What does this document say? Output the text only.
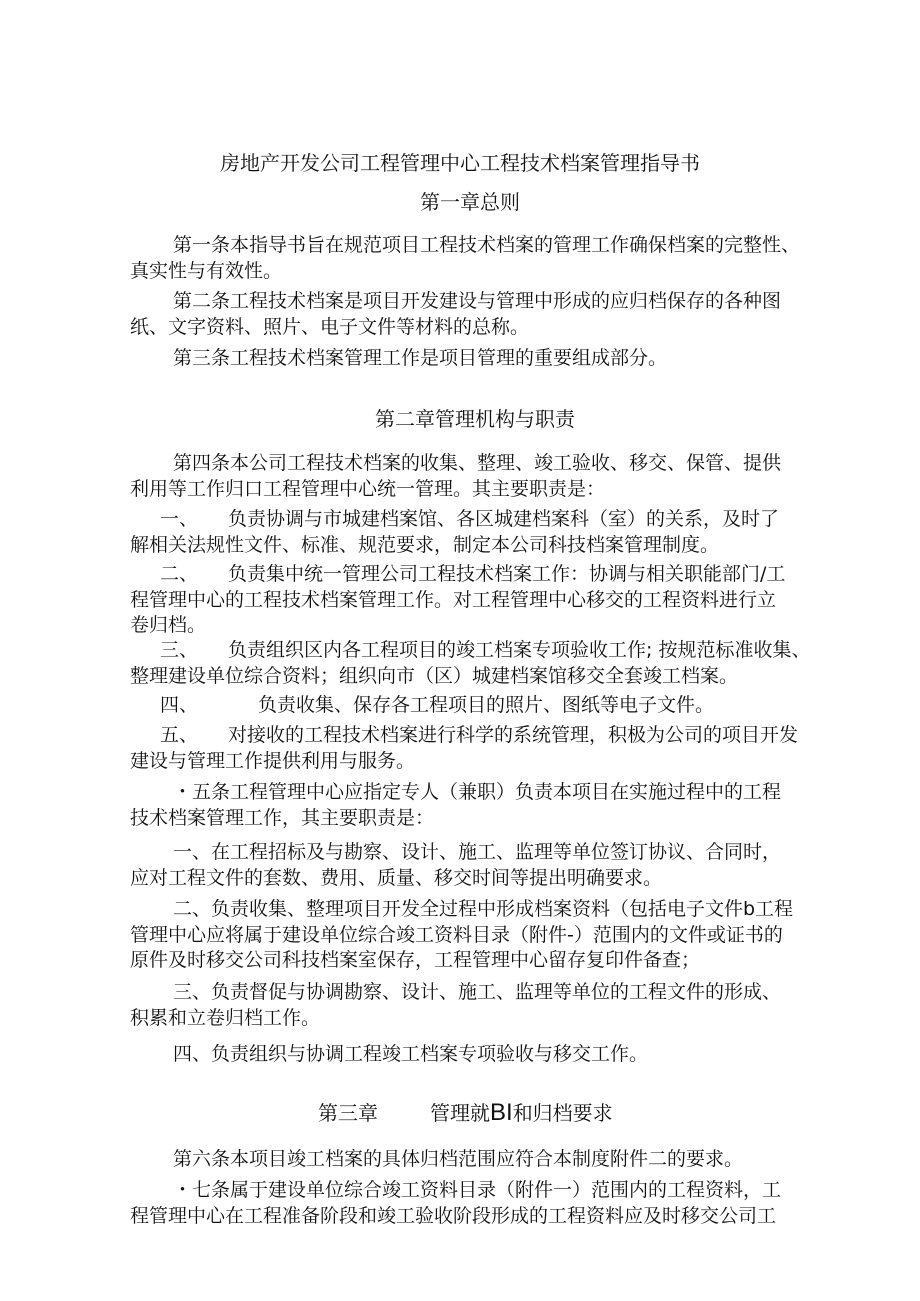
房地产开发公司工程管理中心工程技术档案管理指导书
第一章总则
第一条本指导书旨在规范项目工程技术档案的管理工作确保档案的完整性、
真实性与有效性。
第二条工程技术档案是项目开发建设与管理中形成的应归档保存的各种图
纸、文字资料、照片、电子文件等材料的总称。
第三条工程技术档案管理工作是项目管理的重要组成部分。
第二章管理机构与职责
第四条本公司工程技术档案的收集、整理、竣工验收、移交、保管、提供
利用等工作归口工程管理中心统一管理。其主要职责是：
一、 负责协调与市城建档案馆、各区城建档案科（室）的关系，及时了
解相关法规性文件、标准、规范要求，制定本公司科技档案管理制度。
二、 负责集中统一管理公司工程技术档案工作：协调与相关职能部门/工
程管理中心的工程技术档案管理工作。对工程管理中心移交的工程资料进行立
卷归档。
三、 负责组织区内各工程项目的竣工档案专项验收工作; 按规范标准收集、
整理建设单位综合资料；组织向市（区）城建档案馆移交全套竣工档案。
四、	负责收集、保存各工程项目的照片、图纸等电子文件。
五、 对接收的工程技术档案进行科学的系统管理，积极为公司的项目开发
建设与管理工作提供利用与服务。
・五条工程管理中心应指定专人（兼职）负责本项目在实施过程中的工程
技术档案管理工作，其主要职责是：
一、在工程招标及与勘察、设计、施工、监理等单位签订协议、合同时，
应对工程文件的套数、费用、质量、移交时间等提出明确要求。
二、负责收集、整理项目开发全过程中形成档案资料（包括电子文件b工程
管理中心应将属于建设单位综合竣工资料目录（附件-）范围内的文件或证书的
原件及时移交公司科技档案室保存，工程管理中心留存复印件备查；
三、负责督促与协调勘察、设计、施工、监理等单位的工程文件的形成、
积累和立卷归档工作。
四、负责组织与协调工程竣工档案专项验收与移交工作。
第三章	管理就BI和归档要求
第六条本项目竣工档案的具体归档范围应符合本制度附件二的要求。
・七条属于建设单位综合竣工资料目录（附件一）范围内的工程资料，工
程管理中心在工程准备阶段和竣工验收阶段形成的工程资料应及时移交公司工
